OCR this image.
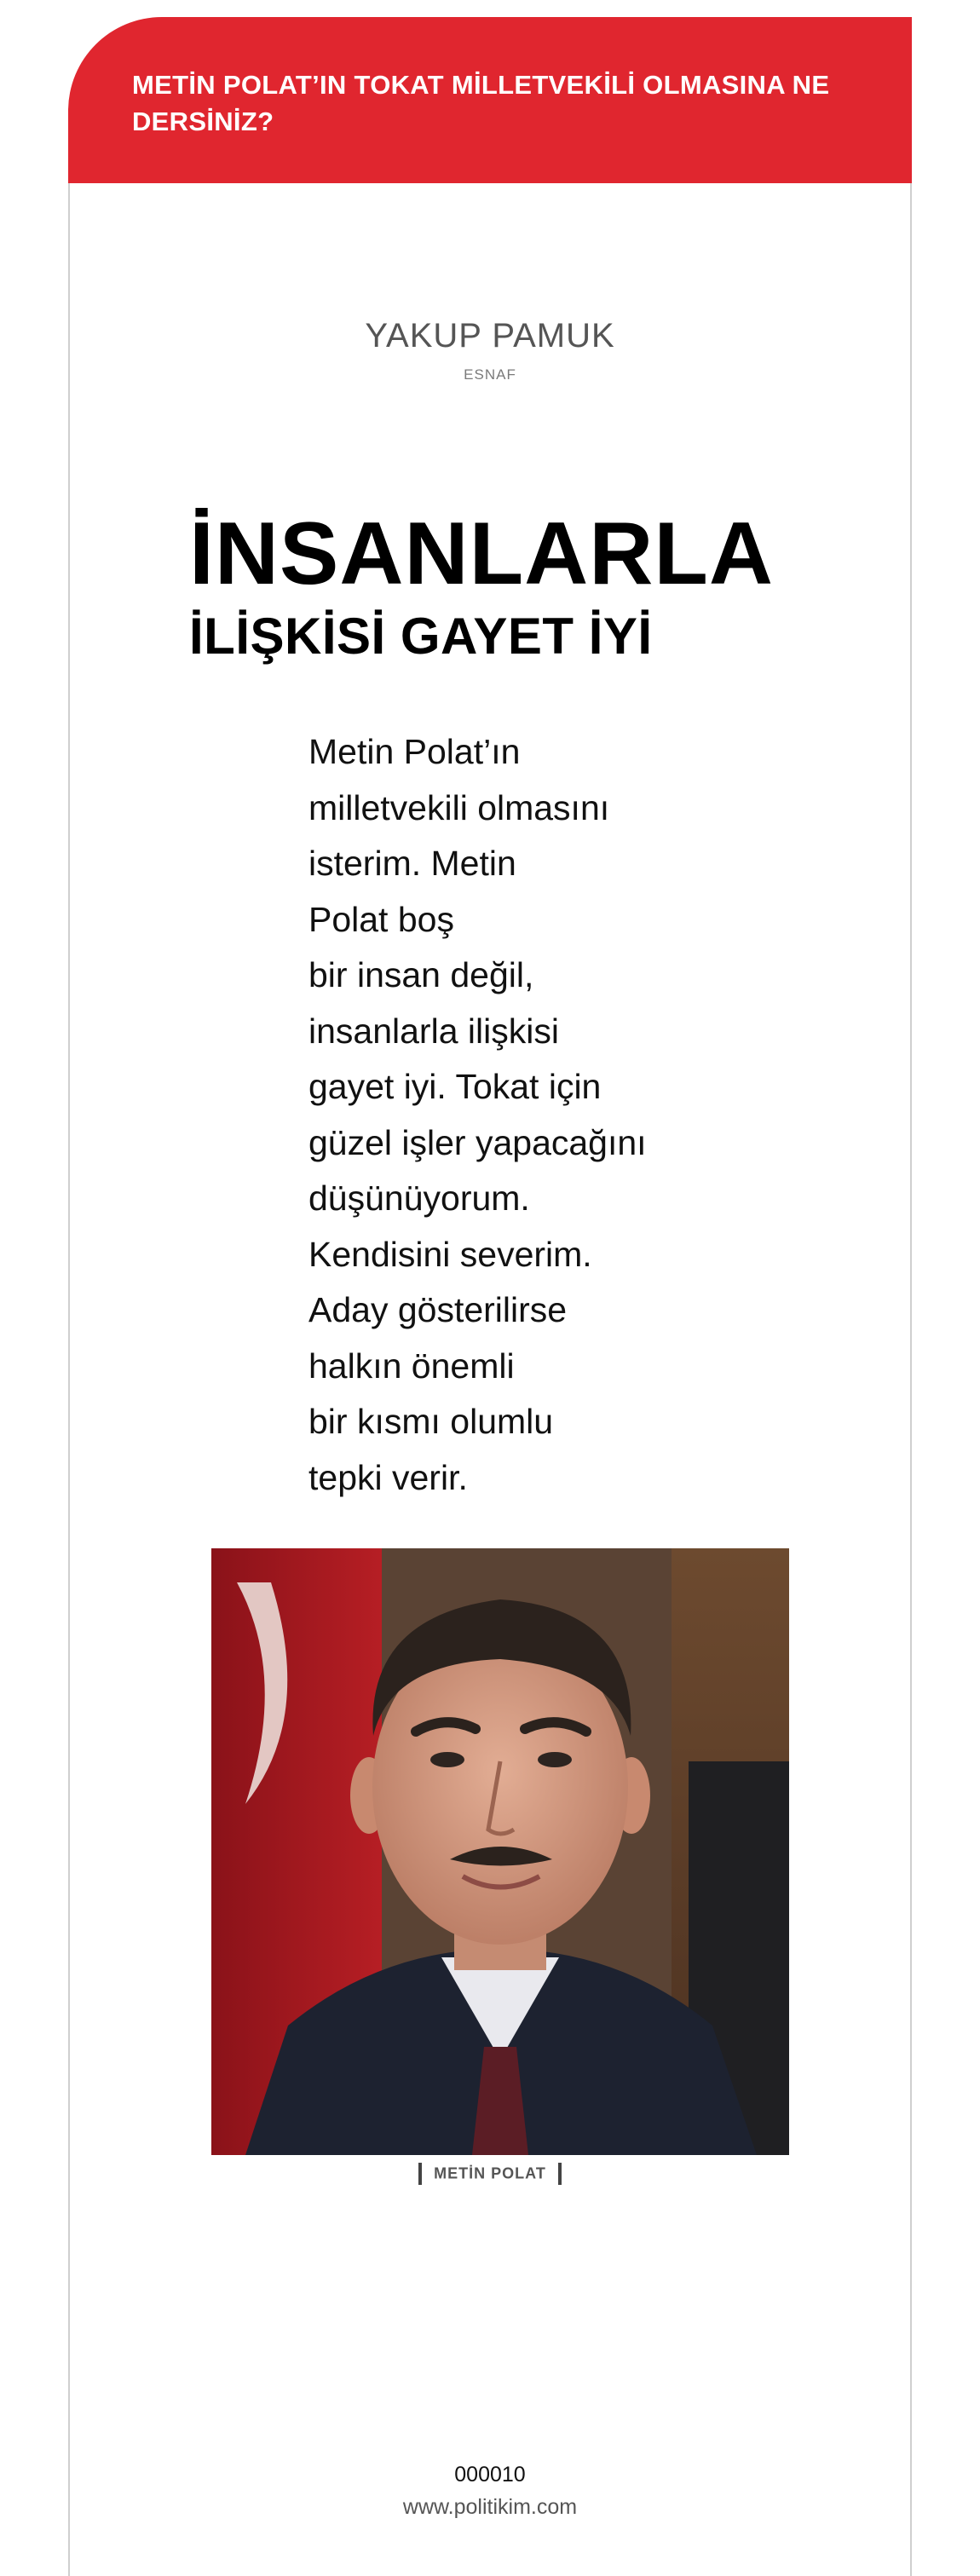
METİN POLAT’IN TOKAT MİLLETVEKİLİ OLMASINA NE DERSİNİZ?
YAKUP PAMUK
ESNAF
İNSANLARLA
İLİŞKİSİ GAYET İYİ
Metin Polat’ın
milletvekili olmasını
isterim. Metin
Polat boş
bir insan değil,
insanlarla ilişkisi
gayet iyi. Tokat için
güzel işler yapacağını
düşünüyorum.
Kendisini severim.
Aday gösterilirse
halkın önemli
bir kısmı olumlu
tepki verir.
METİN POLAT
000010
www.politikim.com
